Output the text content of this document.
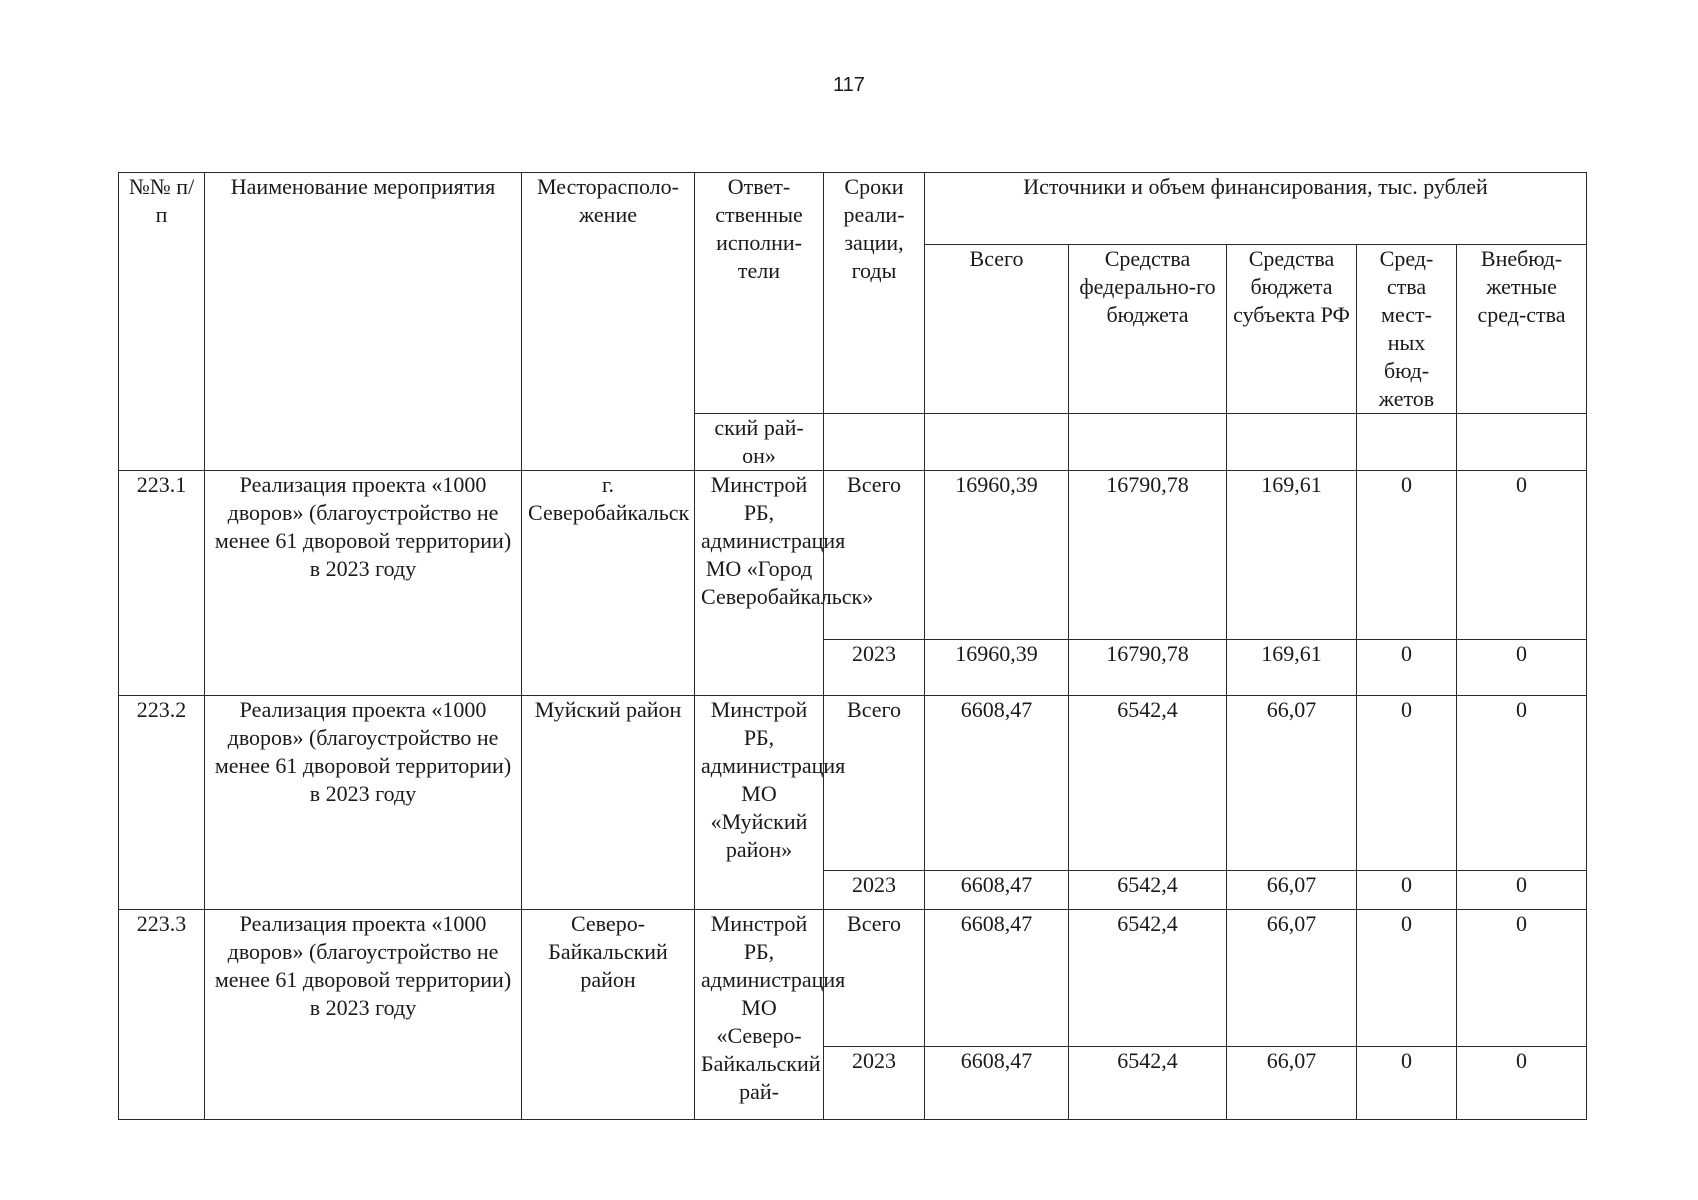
117
№№ п/п	Наименование мероприятия	Месторасполо-жение	Ответ-ственные исполни-тели	Сроки реали-зации, годы	Источники и объем финансирования, тыс. рублей				
					Всего	Средства федерально-го бюджета	Средства бюджета субъекта РФ	Сред-ства мест-ных бюд-жетов	Внебюд-жетные сред-ства
			ский рай-он»						
223.1	Реализация проекта «1000 дворов» (благоустройство не менее 61 дворовой территории) в 2023 году	г. Северобайкальск	Минстрой РБ, администрация МО «Город Северобайкальск»	Всего	16960,39	16790,78	169,61	0	0
				2023	16960,39	16790,78	169,61	0	0
223.2	Реализация проекта «1000 дворов» (благоустройство не менее 61 дворовой территории) в 2023 году	Муйский район	Минстрой РБ, администрация МО «Муйский район»	Всего	6608,47	6542,4	66,07	0	0
				2023	6608,47	6542,4	66,07	0	0
223.3	Реализация проекта «1000 дворов» (благоустройство не менее 61 дворовой территории) в 2023 году	Северо-Байкальский район	Минстрой РБ, администрация МО «Северо-Байкальский рай-	Всего	6608,47	6542,4	66,07	0	0
				2023	6608,47	6542,4	66,07	0	0
